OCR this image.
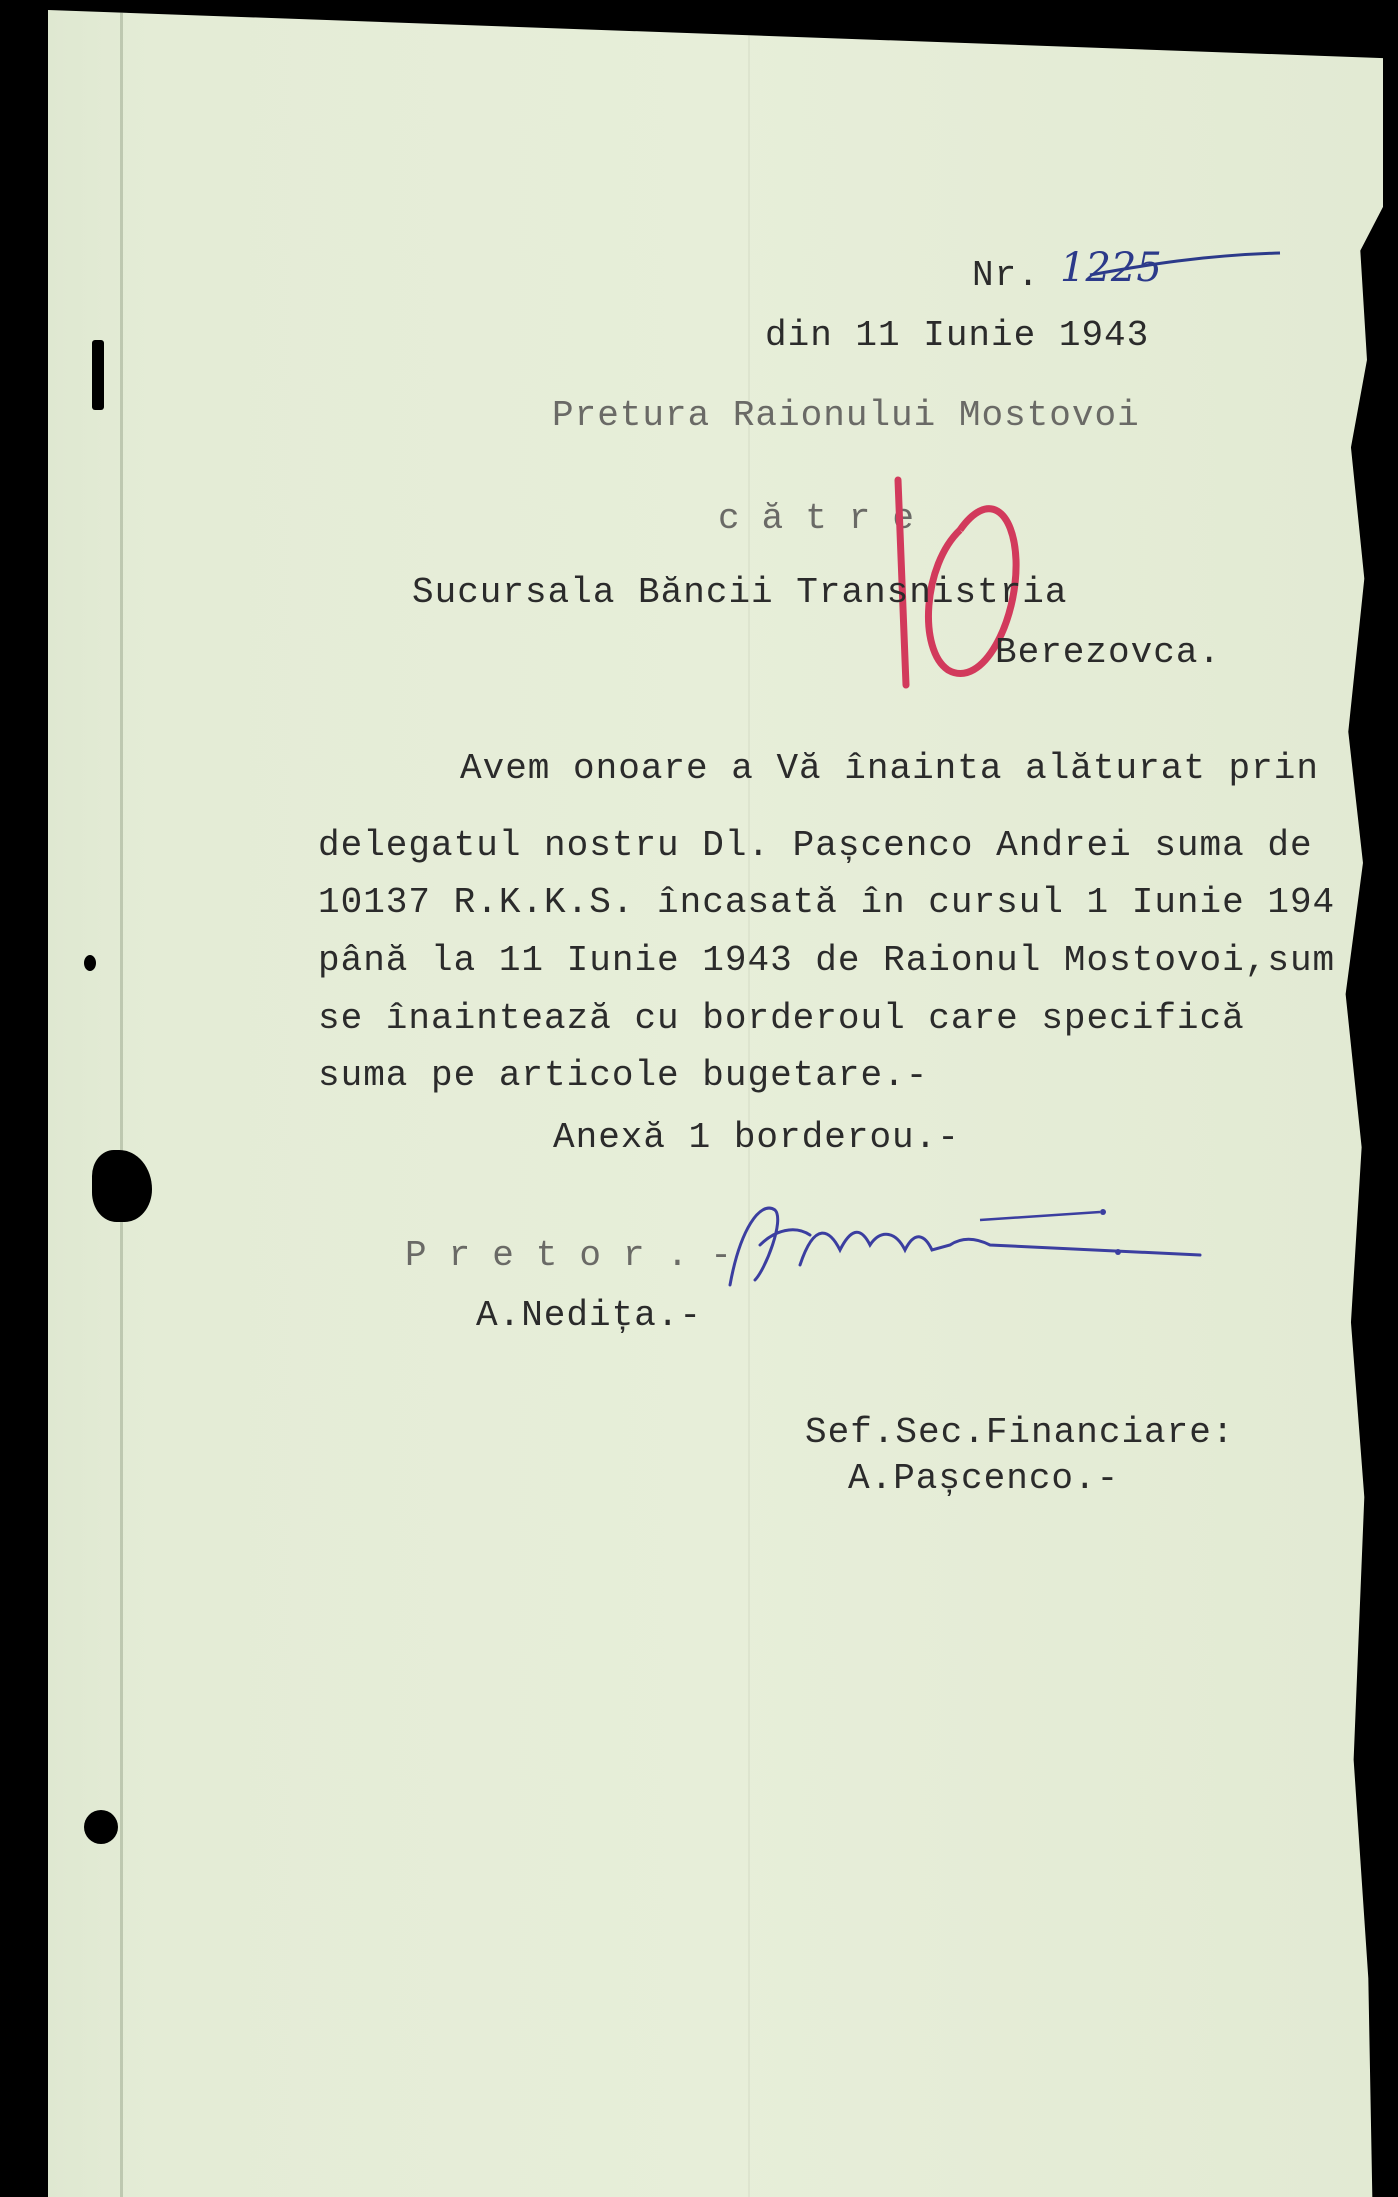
Nr. 1225

din 11 Iunie 1943

Pretura Raionului Mostovoi

către

Sucursala Băncii Transnistria

Berezovca.

Avem onoare a Vă înainta alăturat prin

delegatul nostru Dl. Pașcenco Andrei suma de

10137 R.K.K.S. încasată în cursul 1 Iunie 194

până la 11 Iunie 1943 de Raionul Mostovoi,sum

se înaintează cu borderoul care specifică

suma pe articole bugetare.-

Anexă 1 borderou.-

Pretor.-

A.Nedița.-

Sef.Sec.Financiare:

A.Pașcenco.-
